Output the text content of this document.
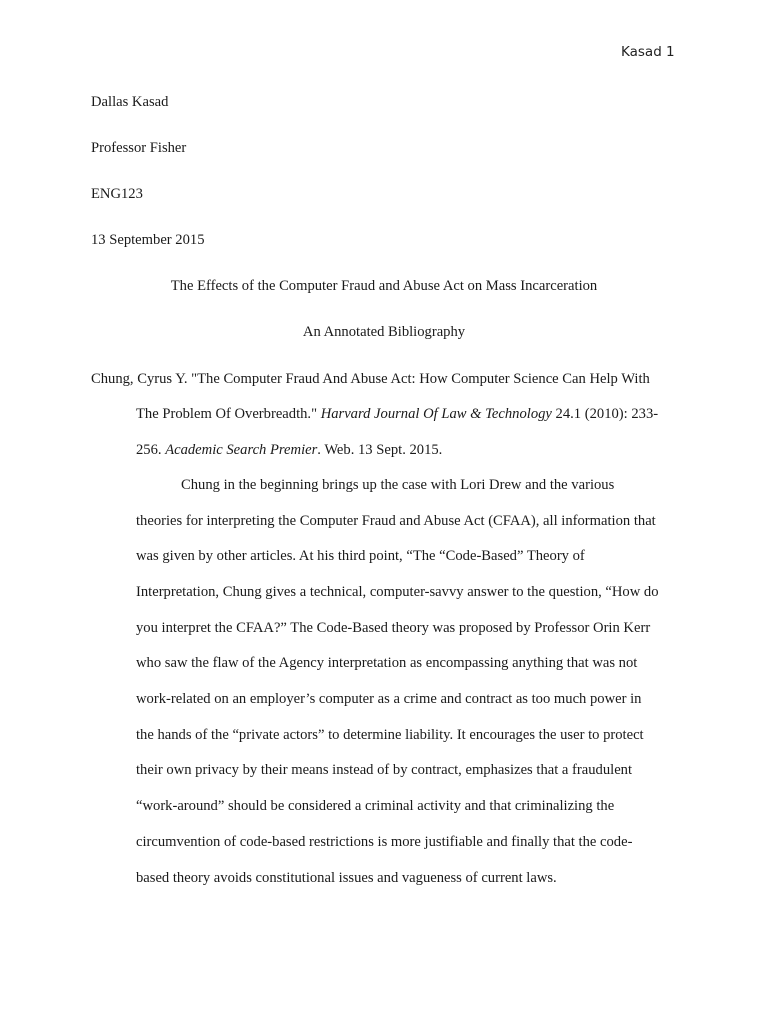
Kasad 1
Dallas Kasad
Professor Fisher
ENG123
13 September 2015
The Effects of the Computer Fraud and Abuse Act on Mass Incarceration
An Annotated Bibliography
Chung, Cyrus Y. "The Computer Fraud And Abuse Act: How Computer Science Can Help With
The Problem Of Overbreadth." Harvard Journal Of Law & Technology 24.1 (2010): 233-
256. Academic Search Premier. Web. 13 Sept. 2015.
Chung in the beginning brings up the case with Lori Drew and the various
theories for interpreting the Computer Fraud and Abuse Act (CFAA), all information that
was given by other articles. At his third point, “The “Code-Based” Theory of
Interpretation, Chung gives a technical, computer-savvy answer to the question, “How do
you interpret the CFAA?” The Code-Based theory was proposed by Professor Orin Kerr
who saw the flaw of the Agency interpretation as encompassing anything that was not
work-related on an employer’s computer as a crime and contract as too much power in
the hands of the “private actors” to determine liability. It encourages the user to protect
their own privacy by their means instead of by contract, emphasizes that a fraudulent
“work-around” should be considered a criminal activity and that criminalizing the
circumvention of code-based restrictions is more justifiable and finally that the code-
based theory avoids constitutional issues and vagueness of current laws.
